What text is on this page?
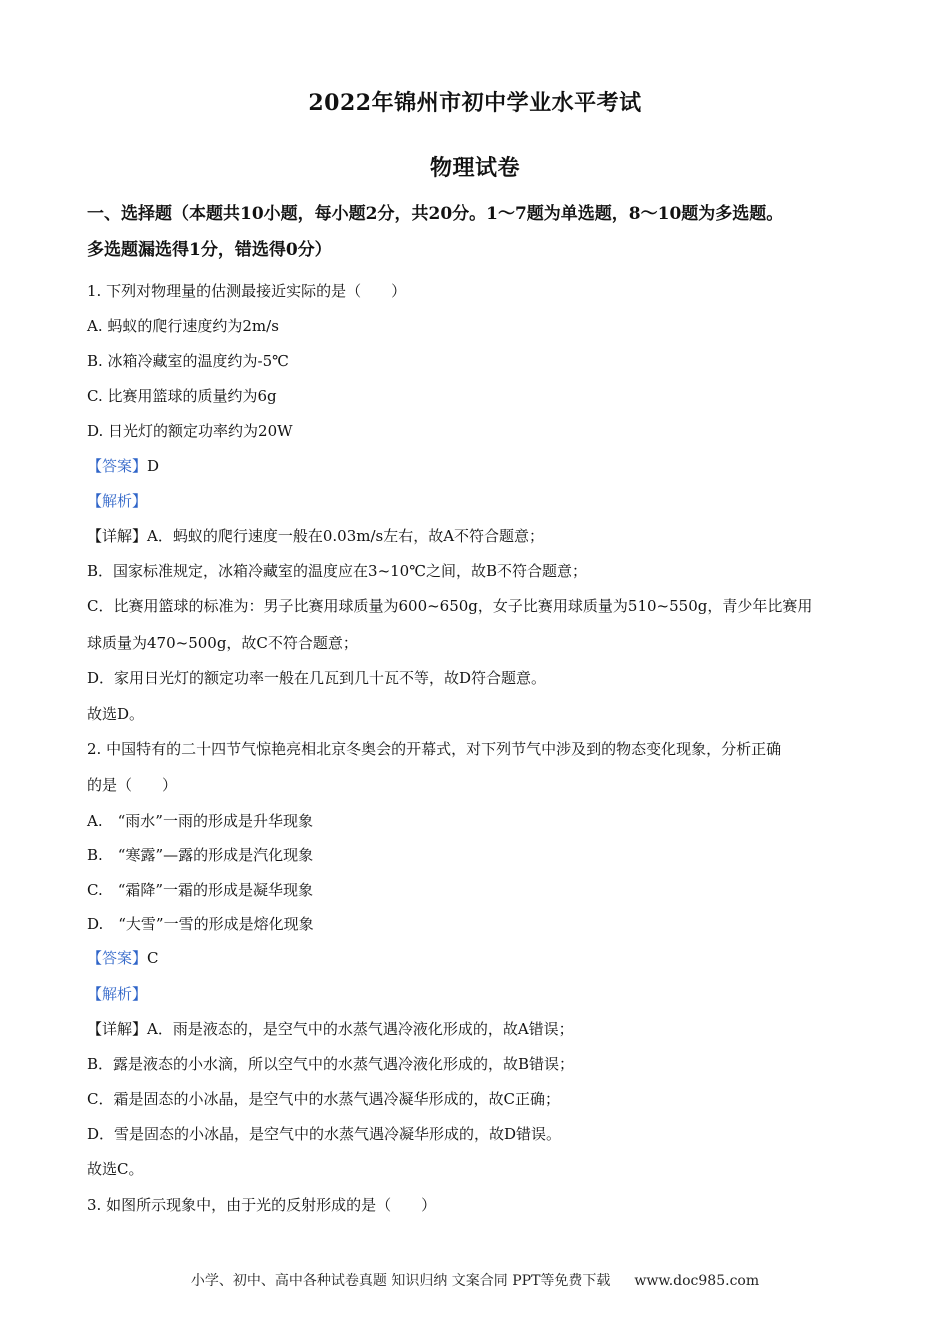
2022年锦州市初中学业水平考试
物理试卷
一、选择题（本题共10小题，每小题2分，共20分。1～7题为单选题，8～10题为多选题。
多选题漏选得1分，错选得0分）
1. 下列对物理量的估测最接近实际的是（　　）
A. 蚂蚁的爬行速度约为2m/s
B. 冰箱冷藏室的温度约为-5℃
C. 比赛用篮球的质量约为6g
D. 日光灯的额定功率约为20W
【答案】D
【解析】
【详解】A．蚂蚁的爬行速度一般在0.03m/s左右，故A不符合题意；
B．国家标准规定，冰箱冷藏室的温度应在3~10℃之间，故B不符合题意；
C．比赛用篮球的标准为：男子比赛用球质量为600~650g，女子比赛用球质量为510~550g，青少年比赛用
球质量为470~500g，故C不符合题意；
D．家用日光灯的额定功率一般在几瓦到几十瓦不等，故D符合题意。
故选D。
2. 中国特有的二十四节气惊艳亮相北京冬奥会的开幕式，对下列节气中涉及到的物态变化现象，分析正确
的是（　　）
A.　“雨水”一雨的形成是升华现象
B.　“寒露”—露的形成是汽化现象
C.　“霜降”一霜的形成是凝华现象
D.　“大雪”一雪的形成是熔化现象
【答案】C
【解析】
【详解】A．雨是液态的，是空气中的水蒸气遇冷液化形成的，故A错误；
B．露是液态的小水滴，所以空气中的水蒸气遇冷液化形成的，故B错误；
C．霜是固态的小冰晶，是空气中的水蒸气遇冷凝华形成的，故C正确；
D．雪是固态的小冰晶，是空气中的水蒸气遇冷凝华形成的，故D错误。
故选C。
3. 如图所示现象中，由于光的反射形成的是（　　）
小学、初中、高中各种试卷真题 知识归纳 文案合同 PPT等免费下载 www.doc985.com
